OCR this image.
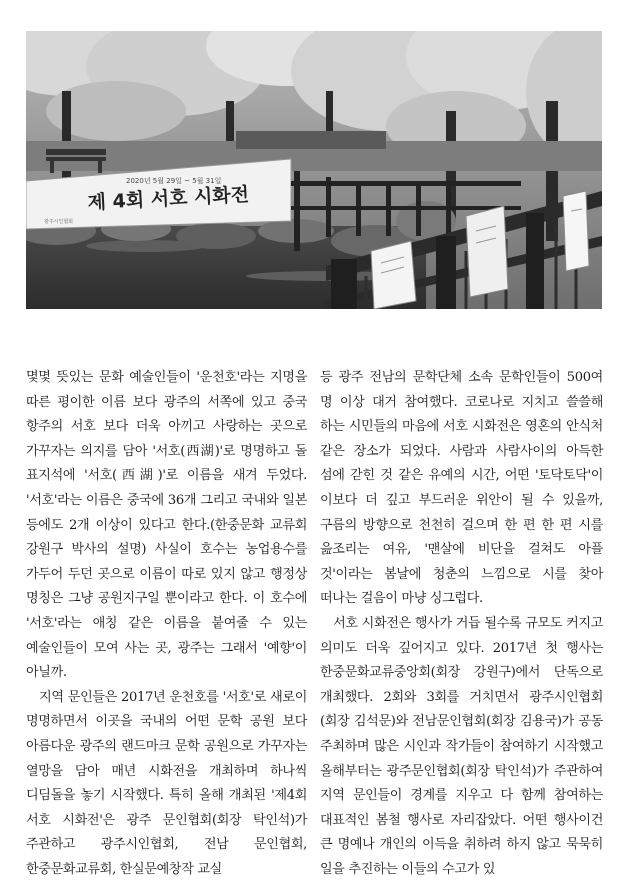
2020년 5월 29일 ~ 5월 31일
제 4회 서호 시화전
광주시인협회

몇몇 뜻있는 문화 예술인들이 '운천호'라는 지명을 따른 평이한 이름 보다 광주의 서쪽에 있고 중국 항주의 서호 보다 더욱 아끼고 사랑하는 곳으로 가꾸자는 의지를 담아 '서호(西湖)'로 명명하고 돌 표지석에 '서호(西湖)'로 이름을 새겨 두었다. '서호'라는 이름은 중국에 36개 그리고 국내와 일본 등에도 2개 이상이 있다고 한다.(한중문화 교류회 강원구 박사의 설명) 사실이 호수는 농업용수를 가두어 두던 곳으로 이름이 따로 있지 않고 행정상 명칭은 그냥 공원지구일 뿐이라고 한다. 이 호수에 '서호'라는 애칭 같은 이름을 붙여줄 수 있는 예술인들이 모여 사는 곳, 광주는 그래서 '예향'이 아닐까.

지역 문인들은 2017년 운천호를 '서호'로 새로이 명명하면서 이곳을 국내의 어떤 문학 공원 보다 아름다운 광주의 랜드마크 문학 공원으로 가꾸자는 열망을 담아 매년 시화전을 개최하며 하나씩 디딤돌을 놓기 시작했다. 특히 올해 개최된 '제4회 서호 시화전'은 광주 문인협회(회장 탁인석)가 주관하고 광주시인협회, 전남 문인협회, 한중문화교류회, 한실문예창작 교실

등 광주 전남의 문학단체 소속 문학인들이 500여 명 이상 대거 참여했다. 코로나로 지치고 쓸쓸해 하는 시민들의 마음에 서호 시화전은 영혼의 안식처 같은 장소가 되었다. 사람과 사람사이의 아득한 섬에 갇힌 것 같은 유예의 시간, 어떤 '토닥토닥'이 이보다 더 깊고 부드러운 위안이 될 수 있을까, 구름의 방향으로 천천히 걸으며 한 편 한 편 시를 읊조리는 여유, '맨살에 비단을 걸쳐도 아플 것'이라는 봄날에 청춘의 느낌으로 시를 찾아 떠나는 걸음이 마냥 싱그럽다.

서호 시화전은 행사가 거듭 될수록 규모도 커지고 의미도 더욱 깊어지고 있다. 2017년 첫 행사는 한중문화교류중앙회(회장 강원구)에서 단독으로 개최했다. 2회와 3회를 거치면서 광주시인협회(회장 김석문)와 전남문인협회(회장 김용국)가 공동 주최하며 많은 시인과 작가들이 참여하기 시작했고 올해부터는 광주문인협회(회장 탁인석)가 주관하여 지역 문인들이 경계를 지우고 다 함께 참여하는 대표적인 봄철 행사로 자리잡았다. 어떤 행사이건 큰 명예나 개인의 이득을 취하려 하지 않고 묵묵히 일을 추진하는 이들의 수고가 있
